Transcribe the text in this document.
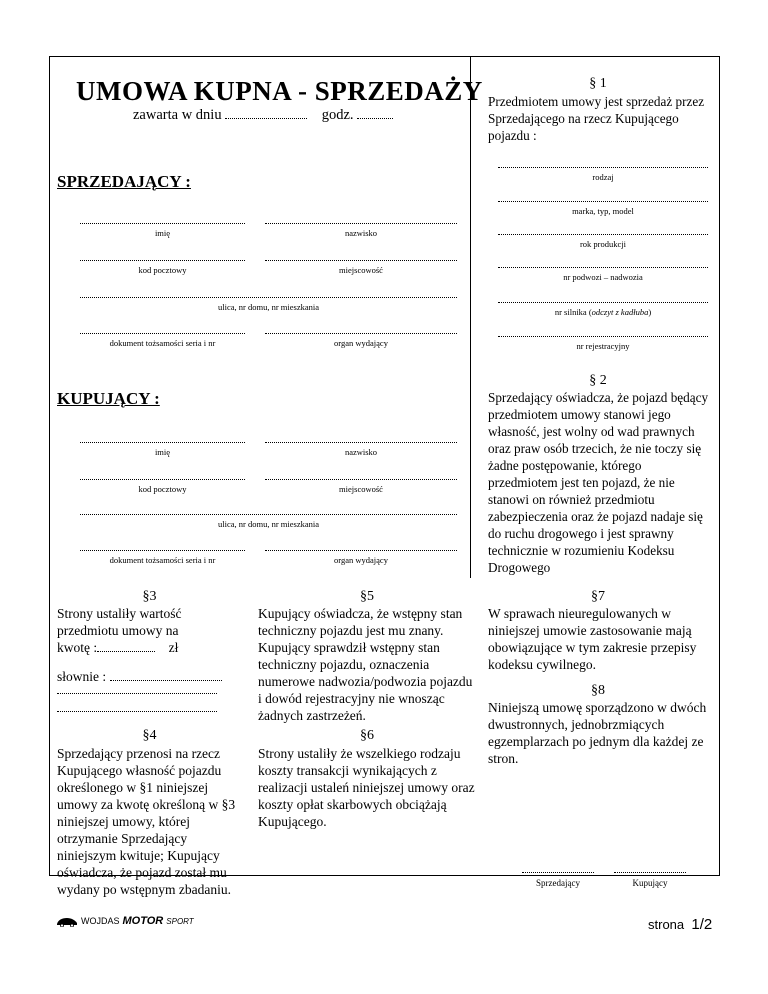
UMOWA KUPNA - SPRZEDAŻY
zawarta w dniu	godz.
SPRZEDAJĄCY :
imię	nazwisko
kod pocztowy	miejscowość
ulica, nr domu, nr mieszkania
dokument tożsamości seria i nr	organ wydający
KUPUJĄCY :
imię	nazwisko
kod pocztowy	miejscowość
ulica, nr domu, nr mieszkania
dokument tożsamości seria i nr	organ wydający
§ 1
Przedmiotem umowy jest sprzedaż przez Sprzedającego na rzecz Kupującego pojazdu :
rodzaj
marka, typ, model
rok produkcji
nr podwozi – nadwozia
nr silnika (odczyt z kadłuba)
nr rejestracyjny
§ 2
Sprzedający oświadcza, że pojazd będący przedmiotem umowy stanowi jego własność, jest wolny od wad prawnych oraz praw osób trzecich, że nie toczy się żadne postępowanie, którego przedmiotem jest ten pojazd, że nie stanowi on również przedmiotu zabezpieczenia oraz że pojazd nadaje się do ruchu drogowego i jest sprawny technicznie w rozumieniu Kodeksu Drogowego
§3
Strony ustaliły wartość przedmiotu umowy na
kwotę :	zł
słownie :
§4
Sprzedający przenosi na rzecz Kupującego własność pojazdu określonego w §1 niniejszej umowy za kwotę określoną w §3 niniejszej umowy, której otrzymanie Sprzedający niniejszym kwituje; Kupujący oświadcza, że pojazd został mu wydany po wstępnym zbadaniu.
§5
Kupujący oświadcza, że wstępny stan techniczny pojazdu jest mu znany. Kupujący sprawdził wstępny stan techniczny pojazdu, oznaczenia numerowe nadwozia/podwozia pojazdu i dowód rejestracyjny nie wnosząc żadnych zastrzeżeń.
§6
Strony ustaliły że wszelkiego rodzaju koszty transakcji wynikających z realizacji ustaleń niniejszej umowy oraz koszty opłat skarbowych obciążają Kupującego.
§7
W sprawach nieuregulowanych w niniejszej umowie zastosowanie mają obowiązujące w tym zakresie przepisy kodeksu cywilnego.
§8
Niniejszą umowę sporządzono w dwóch dwustronnych, jednobrzmiących egzemplarzach po jednym dla każdej ze stron.
Sprzedający	Kupujący
WOJDAS MOTOR SPORT	strona 1/2
